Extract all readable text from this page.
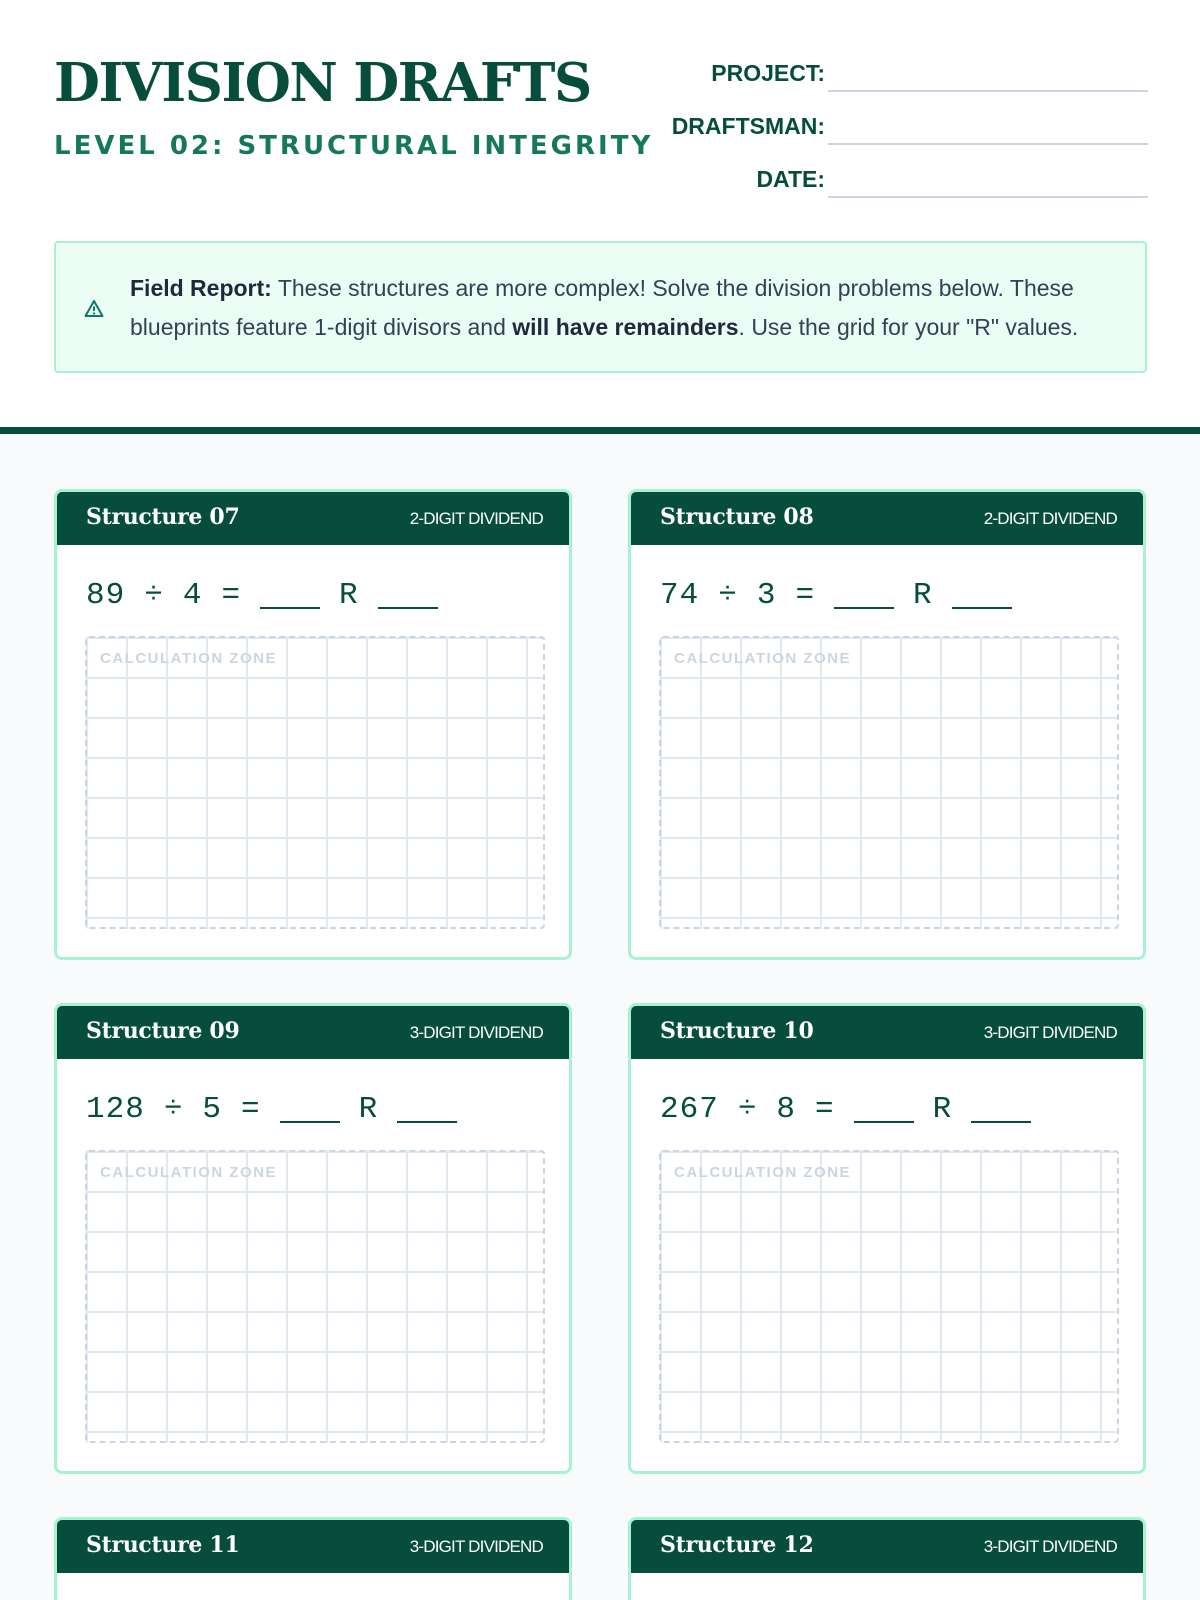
DIVISION DRAFTS
LEVEL 02: STRUCTURAL INTEGRITY
PROJECT:
DRAFTSMAN:
DATE:
Field Report: These structures are more complex! Solve the division problems below. These blueprints feature 1-digit divisors and will have remainders. Use the grid for your "R" values.
Structure 07	2-DIGIT DIVIDEND
89 ÷ 4 =	R
CALCULATION ZONE
Structure 08	2-DIGIT DIVIDEND
74 ÷ 3 =	R
CALCULATION ZONE
Structure 09	3-DIGIT DIVIDEND
128 ÷ 5 =	R
CALCULATION ZONE
Structure 10	3-DIGIT DIVIDEND
267 ÷ 8 =	R
CALCULATION ZONE
Structure 11	3-DIGIT DIVIDEND	Structure 12	3-DIGIT DIVIDEND
